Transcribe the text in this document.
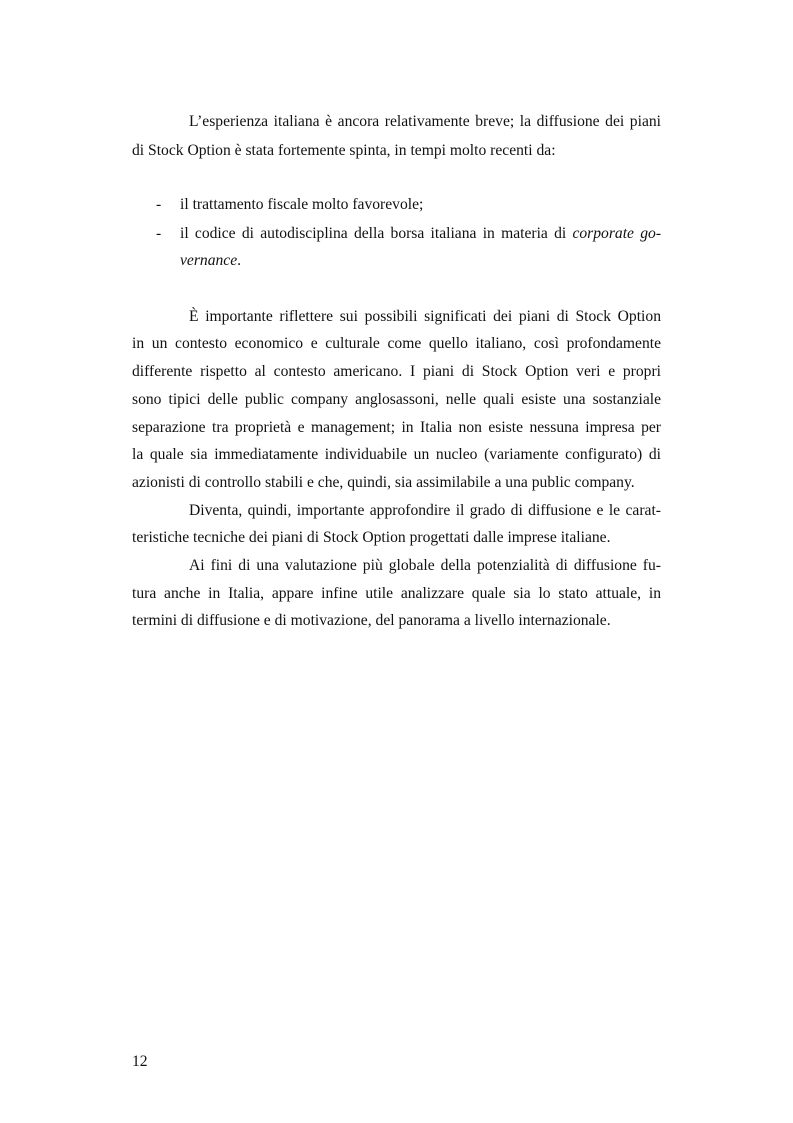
L’esperienza italiana è ancora relativamente breve; la diffusione dei piani
di Stock Option è stata fortemente spinta, in tempi molto recenti da:
- il trattamento fiscale molto favorevole;
- il codice di autodisciplina della borsa italiana in materia di corporate go-
vernance.
È importante riflettere sui possibili significati dei piani di Stock Option
in un contesto economico e culturale come quello italiano, così profondamente
differente rispetto al contesto americano. I piani di Stock Option veri e propri
sono tipici delle public company anglosassoni, nelle quali esiste una sostanziale
separazione tra proprietà e management; in Italia non esiste nessuna impresa per
la quale sia immediatamente individuabile un nucleo (variamente configurato) di
azionisti di controllo stabili e che, quindi, sia assimilabile a una public company.
Diventa, quindi, importante approfondire il grado di diffusione e le carat-
teristiche tecniche dei piani di Stock Option progettati dalle imprese italiane.
Ai fini di una valutazione più globale della potenzialità di diffusione fu-
tura anche in Italia, appare infine utile analizzare quale sia lo stato attuale, in
termini di diffusione e di motivazione, del panorama a livello internazionale.
12
